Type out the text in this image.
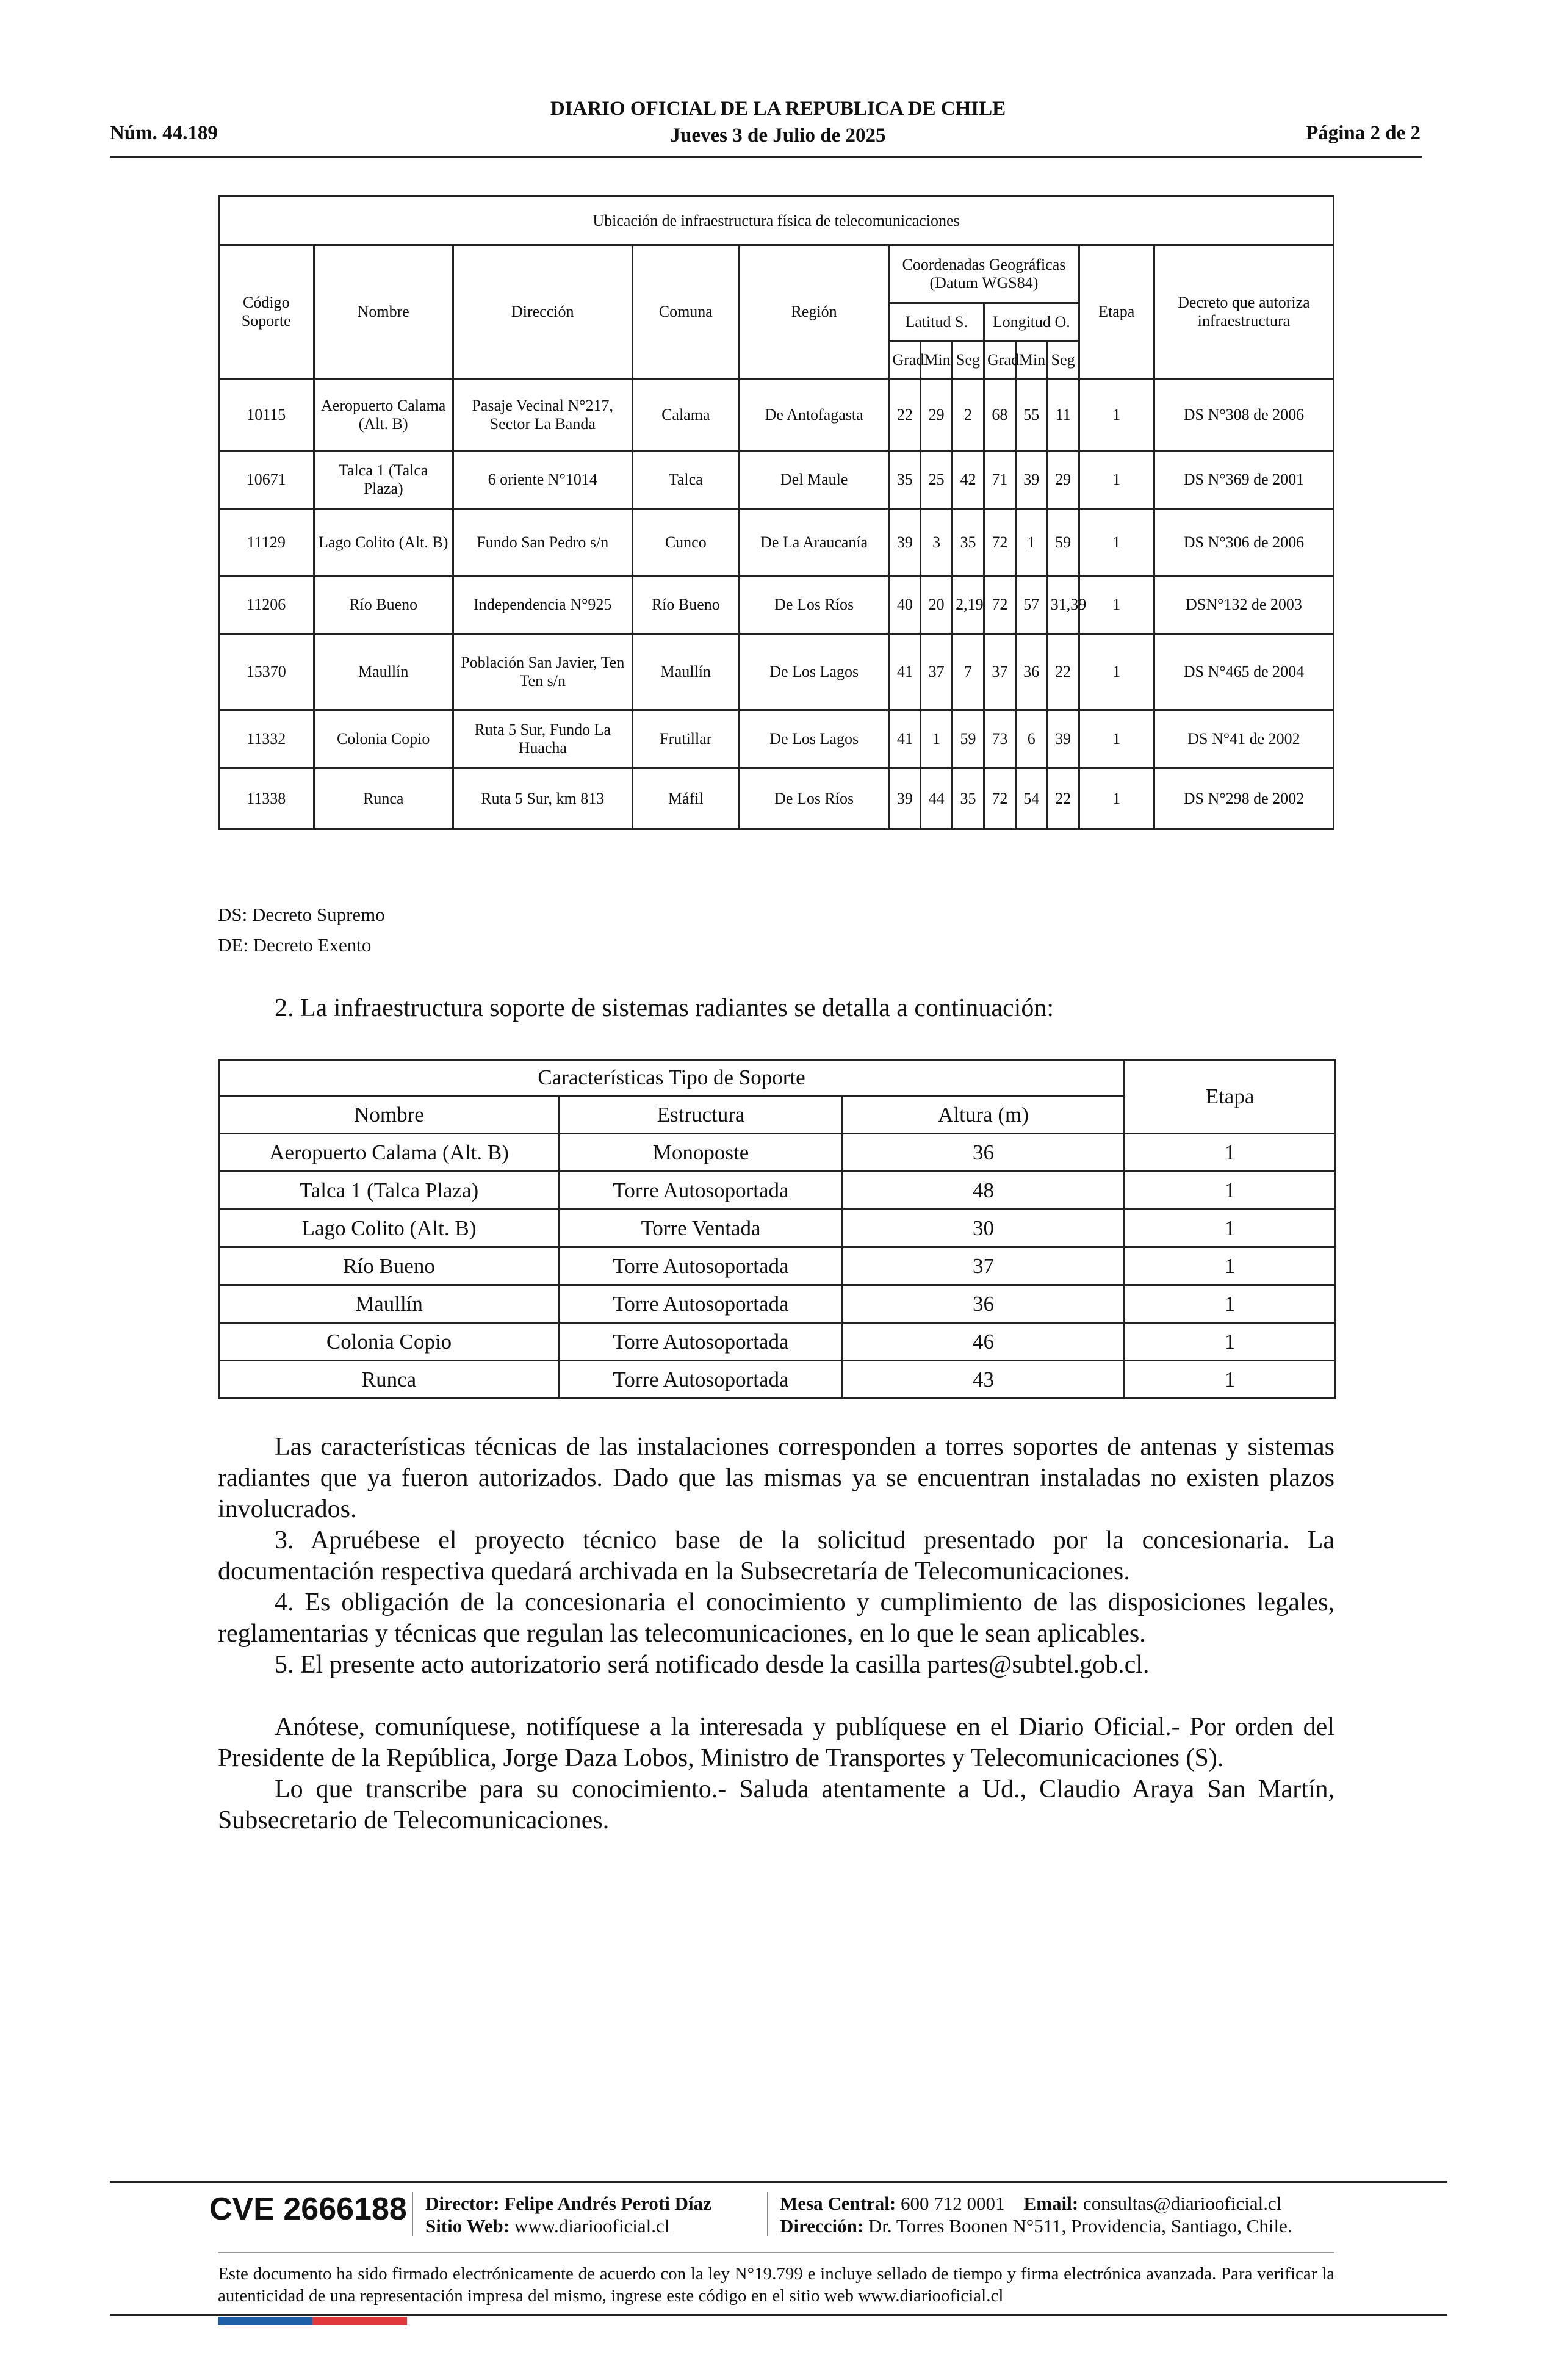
DIARIO OFICIAL DE LA REPUBLICA DE CHILE
Jueves 3 de Julio de 2025
Núm. 44.189	Página 2 de 2
Ubicación de infraestructura física de telecomunicaciones												
Código Soporte	Nombre	Dirección	Comuna	Región	Coordenadas Geográficas (Datum WGS84)						Etapa	Decreto que autoriza infraestructura
					Latitud S.			Longitud O.				
					Grad	Min	Seg	Grad	Min	Seg		
10115	Aeropuerto Calama (Alt. B)	Pasaje Vecinal N°217, Sector La Banda	Calama	De Antofagasta	22	29	2	68	55	11	1	DS N°308 de 2006
10671	Talca 1 (Talca Plaza)	6 oriente N°1014	Talca	Del Maule	35	25	42	71	39	29	1	DS N°369 de 2001
11129	Lago Colito (Alt. B)	Fundo San Pedro s/n	Cunco	De La Araucanía	39	3	35	72	1	59	1	DS N°306 de 2006
11206	Río Bueno	Independencia N°925	Río Bueno	De Los Ríos	40	20	2,19	72	57	31,39	1	DSN°132 de 2003
15370	Maullín	Población San Javier, Ten Ten s/n	Maullín	De Los Lagos	41	37	7	37	36	22	1	DS N°465 de 2004
11332	Colonia Copio	Ruta 5 Sur, Fundo La Huacha	Frutillar	De Los Lagos	41	1	59	73	6	39	1	DS N°41 de 2002
11338	Runca	Ruta 5 Sur, km 813	Máfil	De Los Ríos	39	44	35	72	54	22	1	DS N°298 de 2002
DS: Decreto Supremo
DE: Decreto Exento
2. La infraestructura soporte de sistemas radiantes se detalla a continuación:
Características Tipo de Soporte			Etapa
Nombre	Estructura	Altura (m)	
Aeropuerto Calama (Alt. B)	Monoposte	36	1
Talca 1 (Talca Plaza)	Torre Autosoportada	48	1
Lago Colito (Alt. B)	Torre Ventada	30	1
Río Bueno	Torre Autosoportada	37	1
Maullín	Torre Autosoportada	36	1
Colonia Copio	Torre Autosoportada	46	1
Runca	Torre Autosoportada	43	1

Las características técnicas de las instalaciones corresponden a torres soportes de antenas y sistemas radiantes que ya fueron autorizados. Dado que las mismas ya se encuentran instaladas no existen plazos involucrados.

3. Apruébese el proyecto técnico base de la solicitud presentado por la concesionaria. La documentación respectiva quedará archivada en la Subsecretaría de Telecomunicaciones.

4. Es obligación de la concesionaria el conocimiento y cumplimiento de las disposiciones legales, reglamentarias y técnicas que regulan las telecomunicaciones, en lo que le sean aplicables.

5. El presente acto autorizatorio será notificado desde la casilla partes@subtel.gob.cl.

Anótese, comuníquese, notifíquese a la interesada y publíquese en el Diario Oficial.- Por orden del Presidente de la República, Jorge Daza Lobos, Ministro de Transportes y Telecomunicaciones (S).

Lo que transcribe para su conocimiento.- Saluda atentamente a Ud., Claudio Araya San Martín, Subsecretario de Telecomunicaciones.

CVE 2666188 Director: Felipe Andrés Peroti Díaz
Sitio Web: www.diariooficial.cl
Mesa Central: 600 712 0001 Email: consultas@diariooficial.cl
Dirección: Dr. Torres Boonen N°511, Providencia, Santiago, Chile.
Este documento ha sido firmado electrónicamente de acuerdo con la ley N°19.799 e incluye sellado de tiempo y firma electrónica avanzada. Para verificar la autenticidad de una representación impresa del mismo, ingrese este código en el sitio web www.diariooficial.cl
